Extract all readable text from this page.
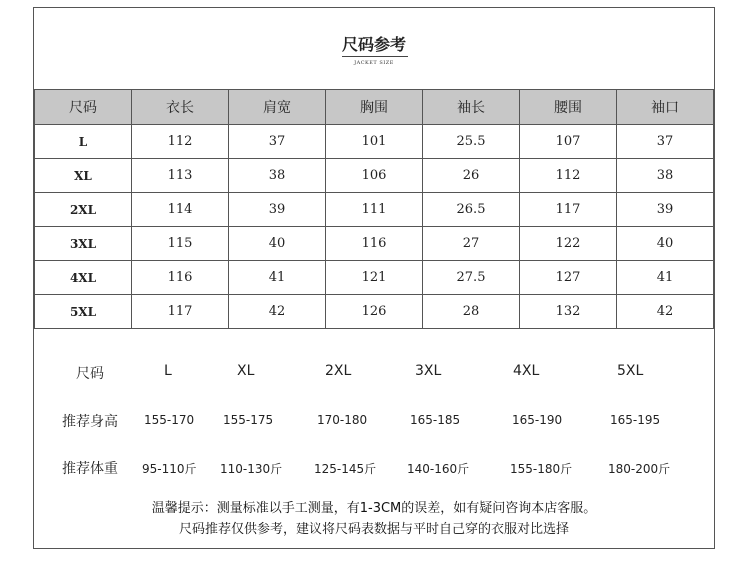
尺码参考
JACKET SIZE
尺码	衣长	肩宽	胸围	袖长	腰围	袖口
L	112	37	101	25.5	107	37
XL	113	38	106	26	112	38
2XL	114	39	111	26.5	117	39
3XL	115	40	116	27	122	40
4XL	116	41	121	27.5	127	41
5XL	117	42	126	28	132	42
尺码	L	XL	2XL	3XL	4XL	5XL
推荐身高 155-170 155-175	170-180	165-185	165-190	165-195
推荐体重 95-110斤 110-130斤	125-145斤	140-160斤	155-180斤	180-200斤
温馨提示：测量标准以手工测量，有1-3CM的误差，如有疑问咨询本店客服。
尺码推荐仅供参考，建议将尺码表数据与平时自己穿的衣服对比选择
